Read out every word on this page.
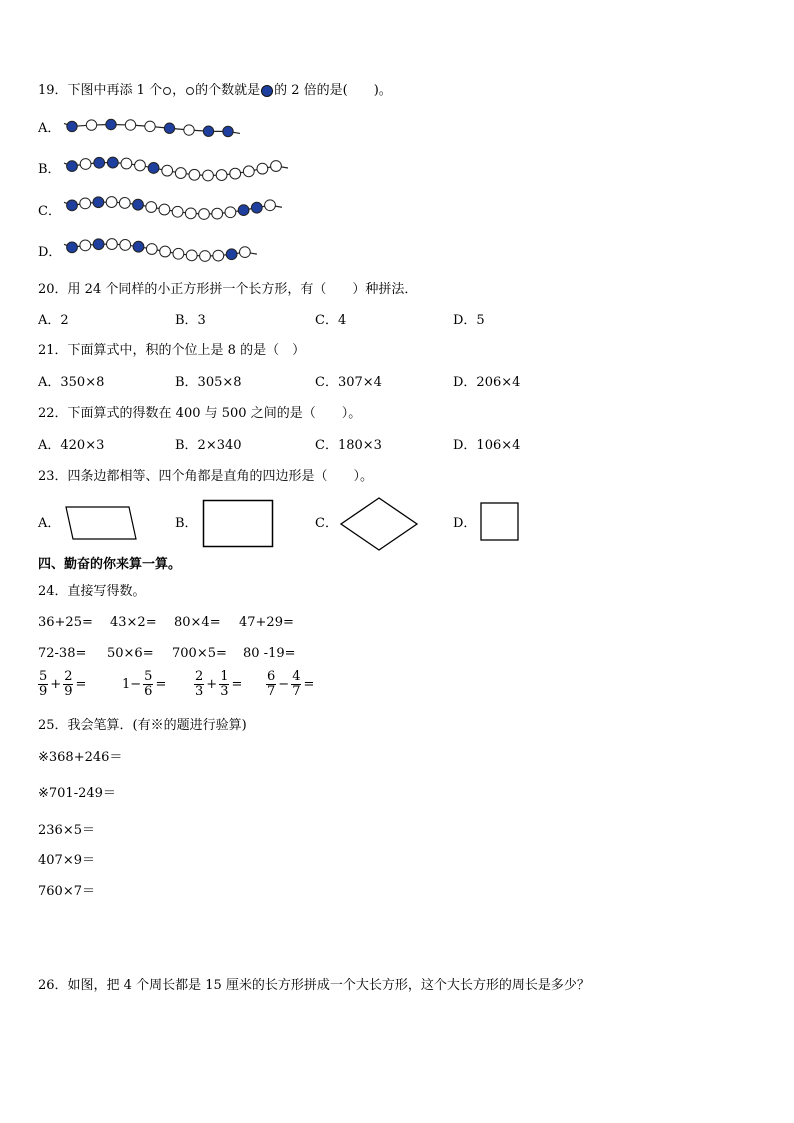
19．下图中再添 1 个 ， 的个数就是 的 2 倍的是(　　)。
A．
B．
C．
D．
20．用 24 个同样的小正方形拼一个长方形，有（　　）种拼法．
A．2	B．3	C．4	D．5
21．下面算式中，积的个位上是 8 的是（　）
A．350×8	B．305×8	C．307×4	D．206×4
22．下面算式的得数在 400 与 500 之间的是（　　）。
A．420×3	B．2×340	C．180×3	D．106×4
23．四条边都相等、四个角都是直角的四边形是（　　）。
A．	B．	C．	D．
四、勤奋的你来算一算。
24．直接写得数。
36+25= 43×2= 80×4= 47+29=
72-38= 50×6= 700×5= 80 -19=
$\frac{5}{9} + \frac{2}{9}$ =	$1- \frac{5}{6} = \frac{2}{3} + \frac{1}{3} = \frac{6}{7} - \frac{4}{7}$ =
25．我会笔算．(有※的题进行验算)
※368+246＝
※701-249＝
236×5＝
407×9＝
760×7＝
26．如图，把 4 个周长都是 15 厘米的长方形拼成一个大长方形，这个大长方形的周长是多少？
